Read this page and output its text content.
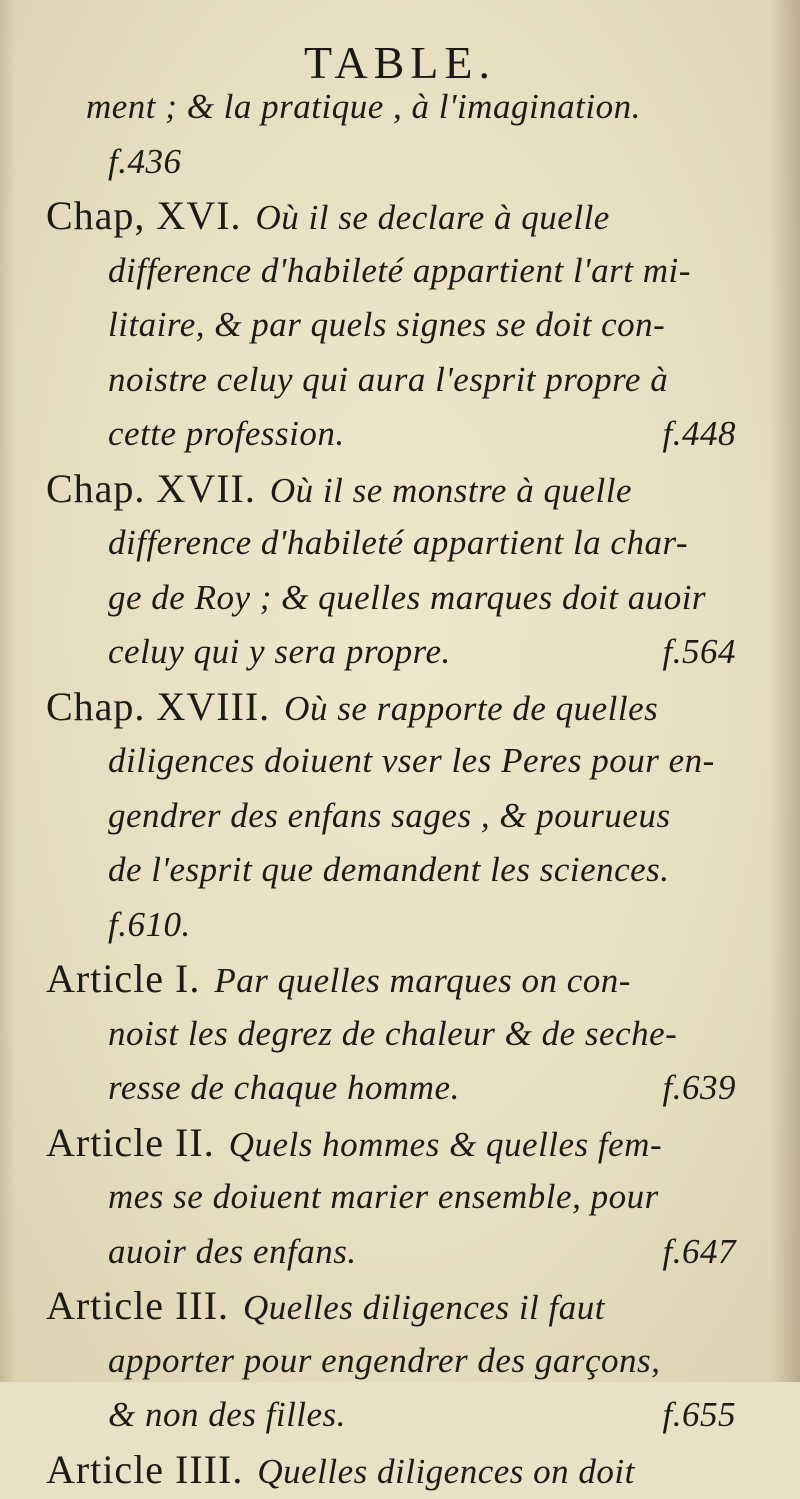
TABLE.
ment ; & la pratique , à l'imagination.
f.436
Chap, XVI. Où il se declare à quelle
difference d'habileté appartient l'art mi-
litaire, & par quels signes se doit con-
noistre celuy qui aura l'esprit propre à
cette profession.	f.448
Chap. XVII. Où il se monstre à quelle
difference d'habileté appartient la char-
ge de Roy ; & quelles marques doit auoir
celuy qui y sera propre.	f.564
Chap. XVIII. Où se rapporte de quelles
diligences doiuent vser les Peres pour en-
gendrer des enfans sages , & pourueus
de l'esprit que demandent les sciences.
f.610.
Article I. Par quelles marques on con-
noist les degrez de chaleur & de seche-
resse de chaque homme.	f.639
Article II. Quels hommes & quelles fem-
mes se doiuent marier ensemble, pour
auoir des enfans.	f.647
Article III. Quelles diligences il faut
apporter pour engendrer des garçons,
& non des filles.	f.655
Article IIII. Quelles diligences on doit
